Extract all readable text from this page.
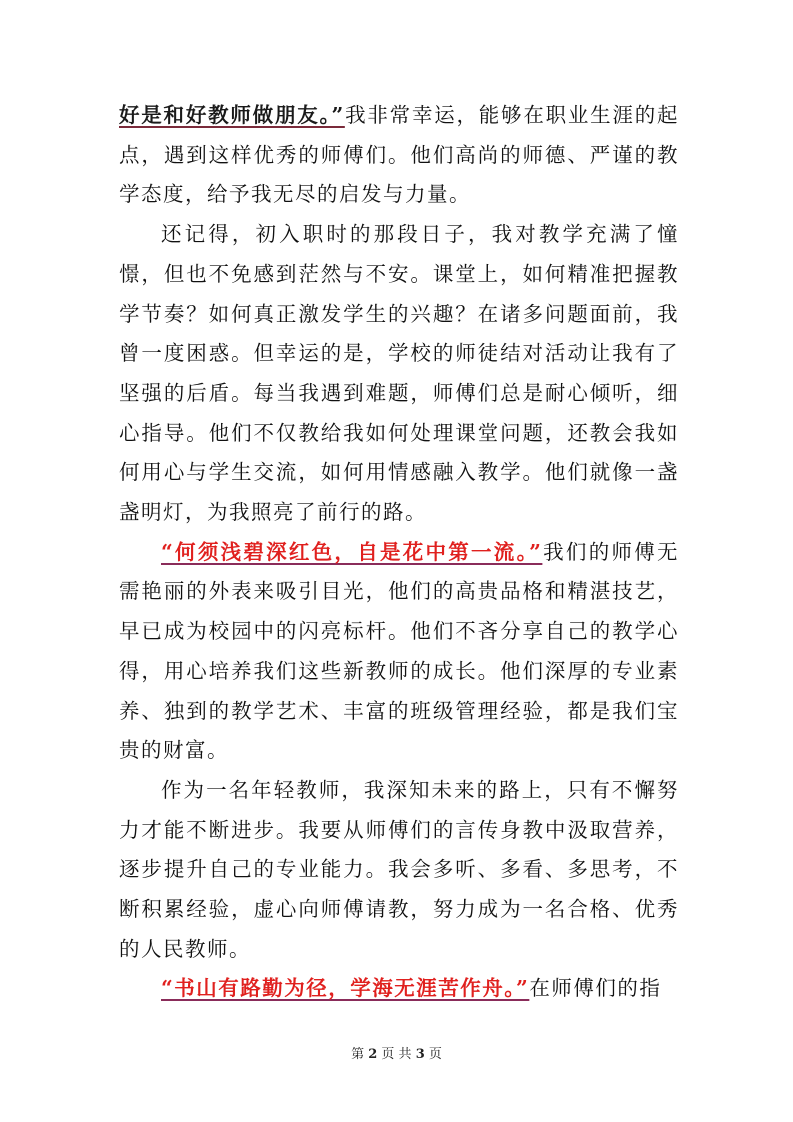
好是和好教师做朋友。”我非常幸运，能够在职业生涯的起点，遇到这样优秀的师傅们。他们高尚的师德、严谨的教学态度，给予我无尽的启发与力量。

还记得，初入职时的那段日子，我对教学充满了憧憬，但也不免感到茫然与不安。课堂上，如何精准把握教学节奏？如何真正激发学生的兴趣？在诸多问题面前，我曾一度困惑。但幸运的是，学校的师徒结对活动让我有了坚强的后盾。每当我遇到难题，师傅们总是耐心倾听，细心指导。他们不仅教给我如何处理课堂问题，还教会我如何用心与学生交流，如何用情感融入教学。他们就像一盏盏明灯，为我照亮了前行的路。

“何须浅碧深红色，自是花中第一流。”我们的师傅无需艳丽的外表来吸引目光，他们的高贵品格和精湛技艺，早已成为校园中的闪亮标杆。他们不吝分享自己的教学心得，用心培养我们这些新教师的成长。他们深厚的专业素养、独到的教学艺术、丰富的班级管理经验，都是我们宝贵的财富。

作为一名年轻教师，我深知未来的路上，只有不懈努力才能不断进步。我要从师傅们的言传身教中汲取营养，逐步提升自己的专业能力。我会多听、多看、多思考，不断积累经验，虚心向师傅请教，努力成为一名合格、优秀的人民教师。

“书山有路勤为径，学海无涯苦作舟。”在师傅们的指

第 2 页 共 3 页
